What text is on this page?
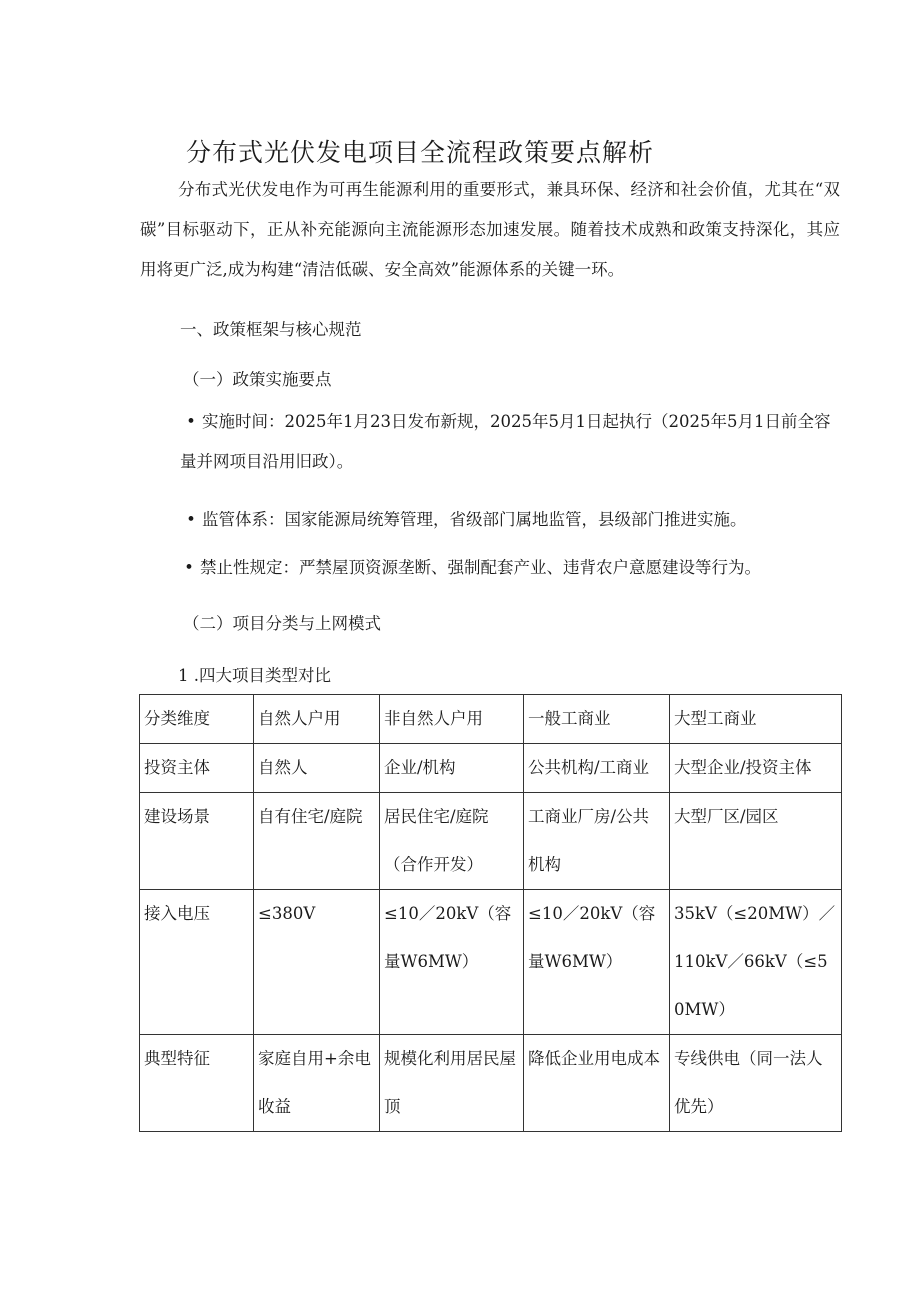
分布式光伏发电项目全流程政策要点解析

分布式光伏发电作为可再生能源利用的重要形式，兼具环保、经济和社会价值，尤其在“双碳”目标驱动下，正从补充能源向主流能源形态加速发展。随着技术成熟和政策支持深化，其应用将更广泛,成为构建“清洁低碳、安全高效”能源体系的关键一环。

一、政策框架与核心规范

（一）政策实施要点

• 实施时间：2025年1月23日发布新规，2025年5月1日起执行（2025年5月1日前全容量并网项目沿用旧政）。

• 监管体系：国家能源局统筹管理，省级部门属地监管，县级部门推进实施。

• 禁止性规定：严禁屋顶资源垄断、强制配套产业、违背农户意愿建设等行为。

（二）项目分类与上网模式

1 .四大项目类型对比

分类维度	自然人户用	非自然人户用	一般工商业	大型工商业
投资主体	自然人	企业/机构	公共机构/工商业	大型企业/投资主体
建设场景	自有住宅/庭院	居民住宅/庭院（合作开发）	工商业厂房/公共机构	大型厂区/园区
接入电压	≤380V	≤10／20kV（容量W6MW）	≤10／20kV（容量W6MW）	35kV（≤20MW）／110kV／66kV（≤50MW）
典型特征	家庭自用+余电收益	规模化利用居民屋顶	降低企业用电成本	专线供电（同一法人优先）
